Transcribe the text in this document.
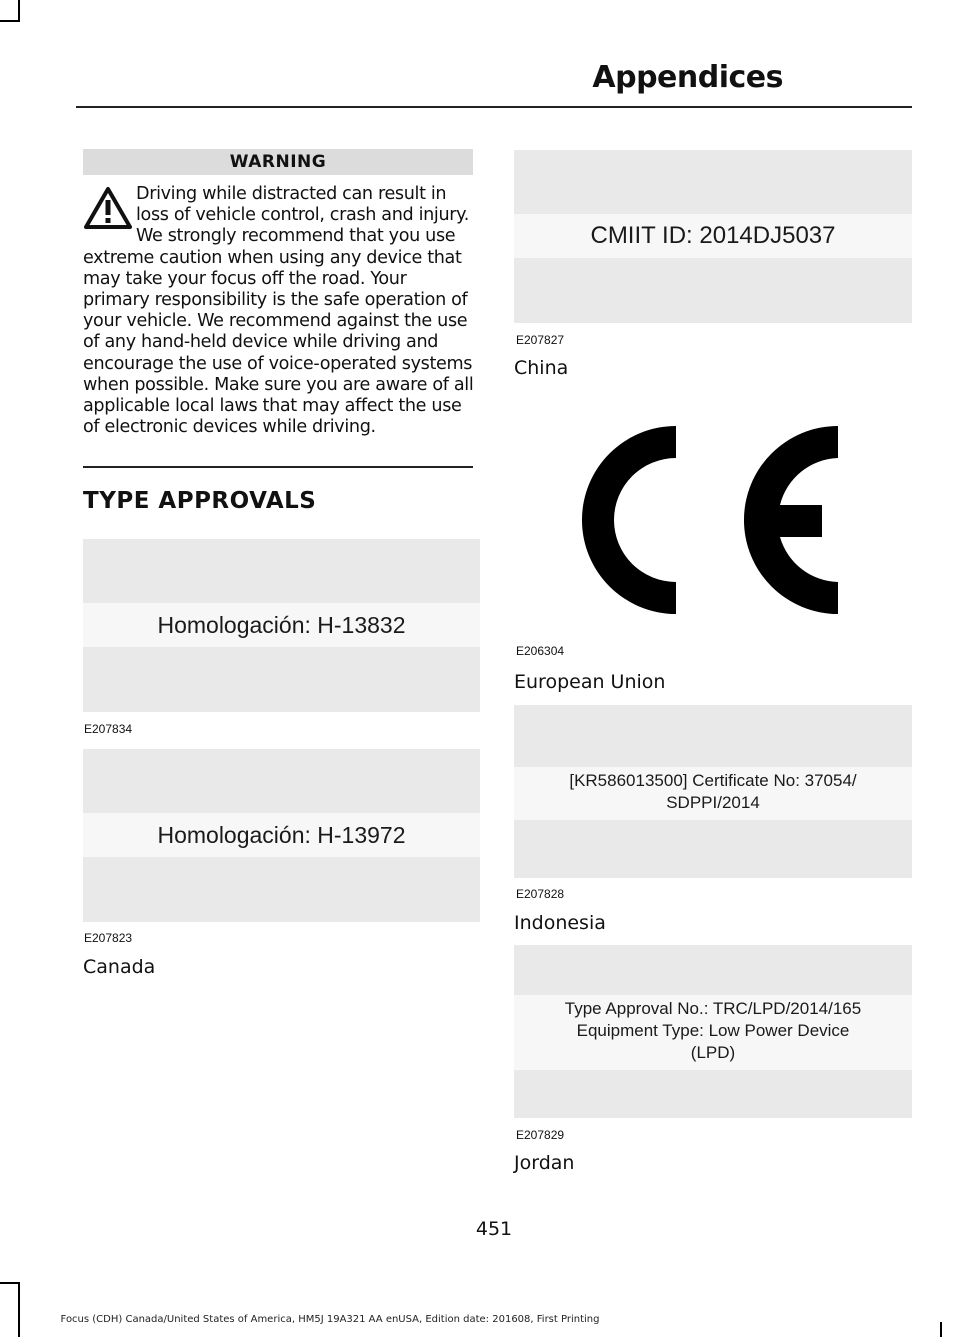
Appendices
WARNING
Driving while distracted can result in loss of vehicle control, crash and injury. We strongly recommend that you use extreme caution when using any device that may take your focus off the road. Your primary responsibility is the safe operation of your vehicle. We recommend against the use of any hand-held device while driving and encourage the use of voice-operated systems when possible. Make sure you are aware of all applicable local laws that may affect the use of electronic devices while driving.
TYPE APPROVALS
Homologación: H-13832
E207834
Homologación: H-13972
E207823
Canada
CMIIT ID: 2014DJ5037
E207827
China
E206304
European Union
[KR586013500] Certificate No: 37054/
SDPPI/2014
E207828
Indonesia
Type Approval No.: TRC/LPD/2014/165
Equipment Type: Low Power Device
(LPD)
E207829
Jordan
451
Focus (CDH) Canada/United States of America, HM5J 19A321 AA enUSA, Edition date: 201608, First Printing
